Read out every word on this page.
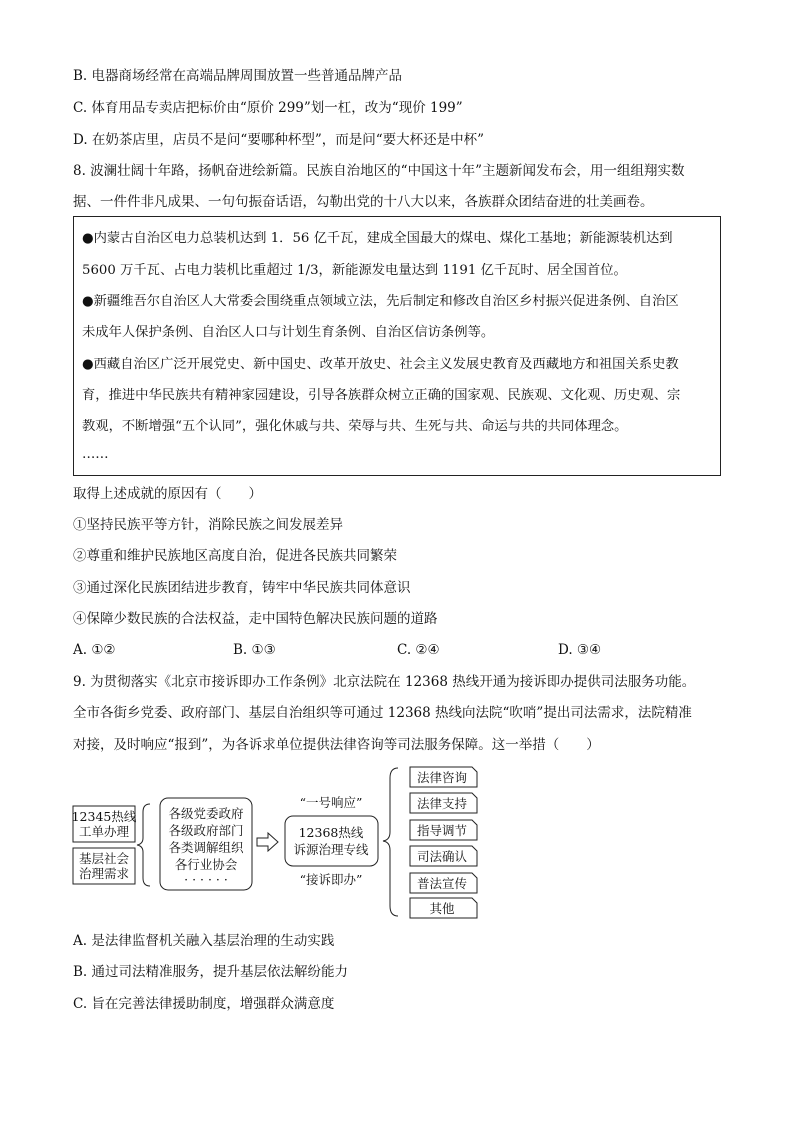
B. 电器商场经常在高端品牌周围放置一些普通品牌产品
C. 体育用品专卖店把标价由“原价 299”划一杠，改为“现价 199”
D. 在奶茶店里，店员不是问“要哪种杯型”，而是问“要大杯还是中杯”
8. 波澜壮阔十年路，扬帆奋进绘新篇。民族自治地区的“中国这十年”主题新闻发布会，用一组组翔实数
据、一件件非凡成果、一句句振奋话语，勾勒出党的十八大以来，各族群众团结奋进的壮美画卷。
●内蒙古自治区电力总装机达到 1．56 亿千瓦，建成全国最大的煤电、煤化工基地；新能源装机达到
5600 万千瓦、占电力装机比重超过 1/3，新能源发电量达到 1191 亿千瓦时、居全国首位。
●新疆维吾尔自治区人大常委会围绕重点领域立法，先后制定和修改自治区乡村振兴促进条例、自治区
未成年人保护条例、自治区人口与计划生育条例、自治区信访条例等。
●西藏自治区广泛开展党史、新中国史、改革开放史、社会主义发展史教育及西藏地方和祖国关系史教
育，推进中华民族共有精神家园建设，引导各族群众树立正确的国家观、民族观、文化观、历史观、宗
教观，不断增强“五个认同”，强化休戚与共、荣辱与共、生死与共、命运与共的共同体理念。
……
取得上述成就的原因有（　　）
①坚持民族平等方针，消除民族之间发展差异
②尊重和维护民族地区高度自治，促进各民族共同繁荣
③通过深化民族团结进步教育，铸牢中华民族共同体意识
④保障少数民族的合法权益，走中国特色解决民族问题的道路
A. ①②	B. ①③	C. ②④	D. ③④
9. 为贯彻落实《北京市接诉即办工作条例》北京法院在 12368 热线开通为接诉即办提供司法服务功能。
全市各街乡党委、政府部门、基层自治组织等可通过 12368 热线向法院“吹哨”提出司法需求，法院精准
对接，及时响应“报到”，为各诉求单位提供法律咨询等司法服务保障。这一举措（　　）
12345热线
工单办理
基层社会
治理需求
各级党委政府
各级政府部门
各类调解组织
各行业协会
· · · · · ·
“一号响应”
12368热线
诉源治理专线
“接诉即办”
法律咨询
法律支持
指导调节
司法确认
普法宣传
其他
A. 是法律监督机关融入基层治理的生动实践
B. 通过司法精准服务，提升基层依法解纷能力
C. 旨在完善法律援助制度，增强群众满意度
